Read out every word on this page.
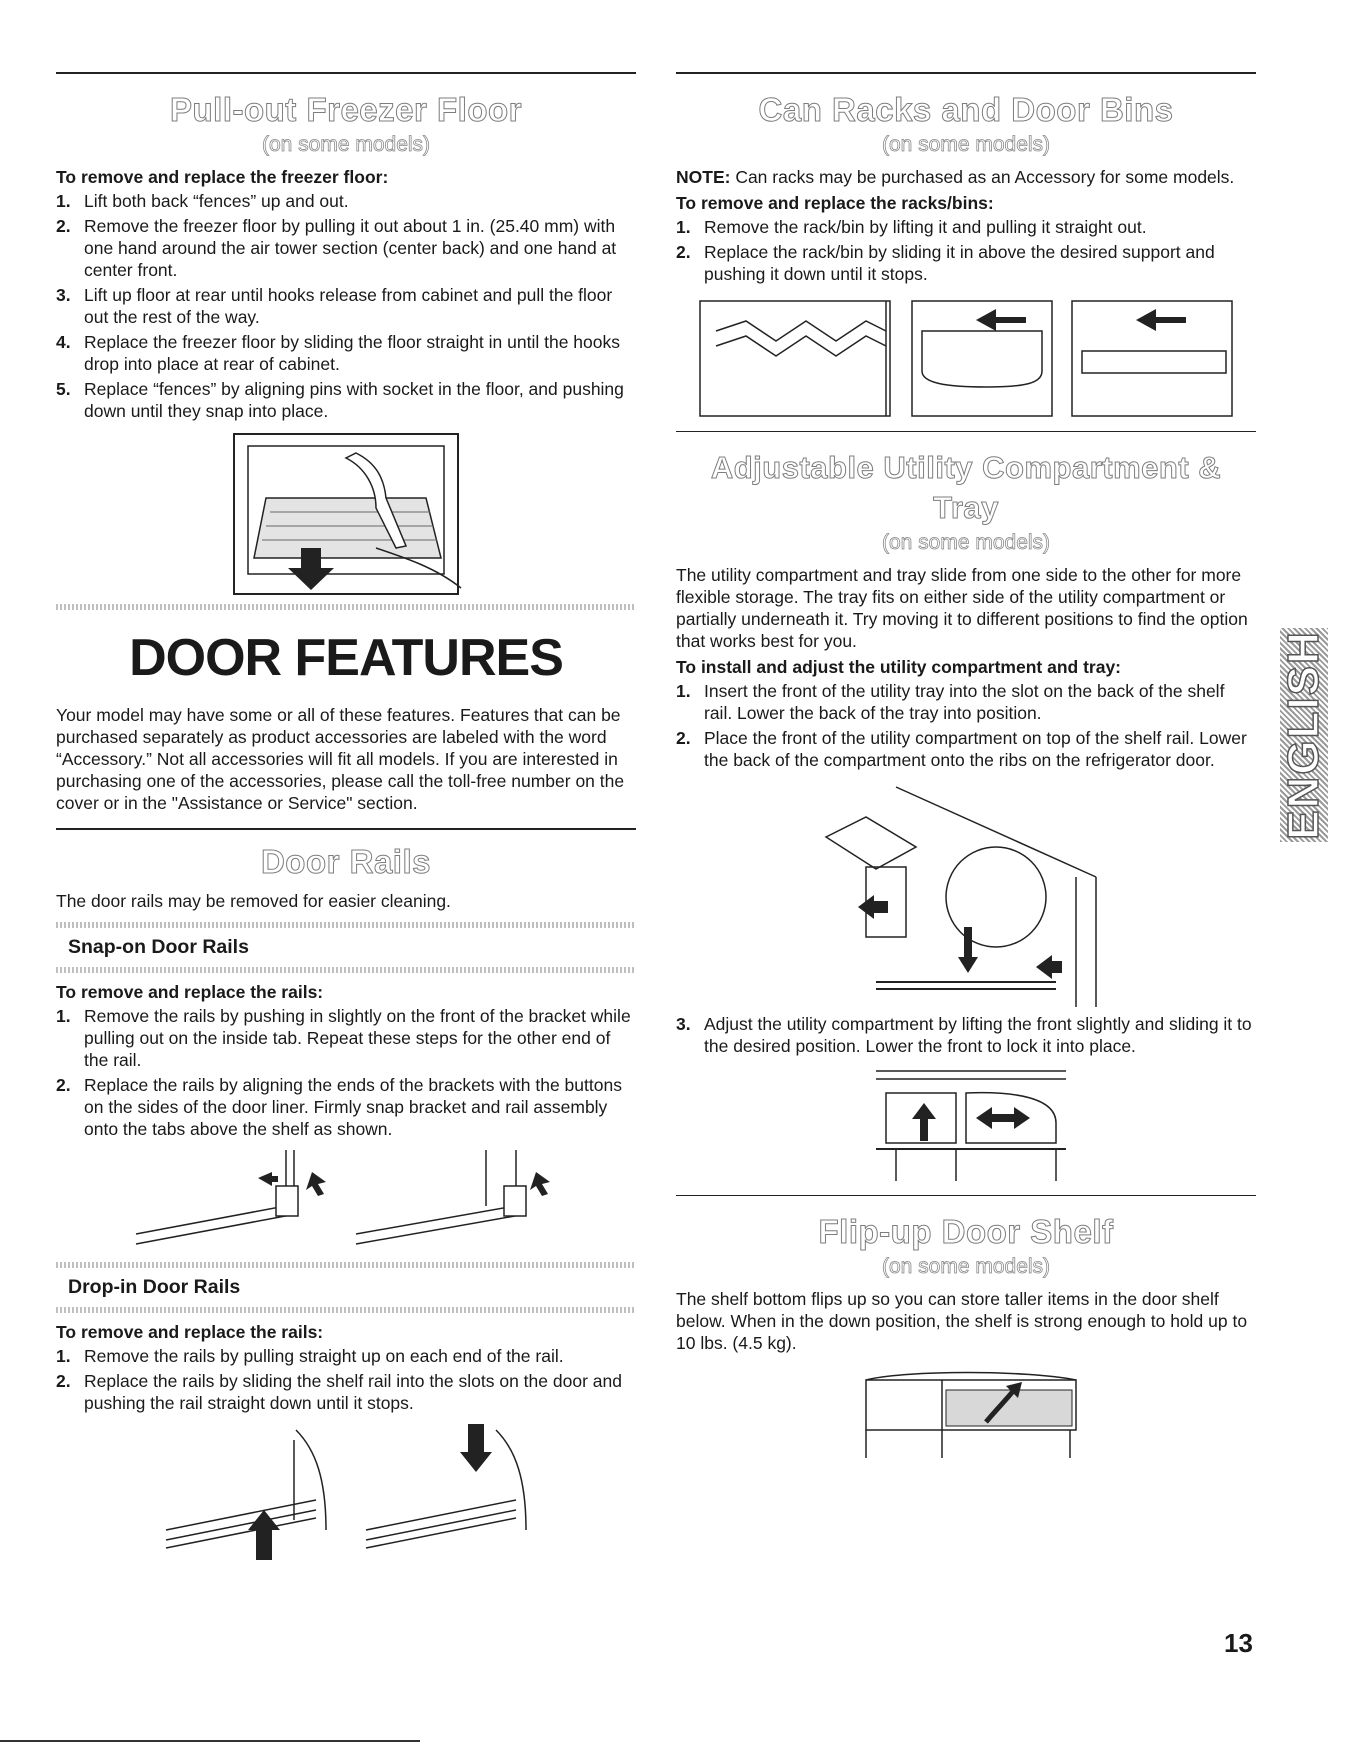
Pull-out Freezer Floor
(on some models)

To remove and replace the freezer floor:

1. Lift both back “fences” up and out.
2. Remove the freezer floor by pulling it out about 1 in. (25.40 mm) with one hand around the air tower section (center back) and one hand at center front.
3. Lift up floor at rear until hooks release from cabinet and pull the floor out the rest of the way.
4. Replace the freezer floor by sliding the floor straight in until the hooks drop into place at rear of cabinet.
5. Replace “fences” by aligning pins with socket in the floor, and pushing down until they snap into place.
DOOR FEATURES

Your model may have some or all of these features. Features that can be purchased separately as product accessories are labeled with the word “Accessory.” Not all accessories will fit all models. If you are interested in purchasing one of the accessories, please call the toll-free number on the cover or in the "Assistance or Service" section.

Door Rails

The door rails may be removed for easier cleaning.

Snap-on Door Rails

To remove and replace the rails:

1. Remove the rails by pushing in slightly on the front of the bracket while pulling out on the inside tab. Repeat these steps for the other end of the rail.
2. Replace the rails by aligning the ends of the brackets with the buttons on the sides of the door liner. Firmly snap bracket and rail assembly onto the tabs above the shelf as shown.
Drop-in Door Rails

To remove and replace the rails:

1. Remove the rails by pulling straight up on each end of the rail.
2. Replace the rails by sliding the shelf rail into the slots on the door and pushing the rail straight down until it stops.
Can Racks and Door Bins
(on some models)

NOTE: Can racks may be purchased as an Accessory for some models.

To remove and replace the racks/bins:

1. Remove the rack/bin by lifting it and pulling it straight out.
2. Replace the rack/bin by sliding it in above the desired support and pushing it down until it stops.
Adjustable Utility Compartment & Tray
(on some models)

The utility compartment and tray slide from one side to the other for more flexible storage. The tray fits on either side of the utility compartment or partially underneath it. Try moving it to different positions to find the option that works best for you.

To install and adjust the utility compartment and tray:

1. Insert the front of the utility tray into the slot on the back of the shelf rail. Lower the back of the tray into position.
2. Place the front of the utility compartment on top of the shelf rail. Lower the back of the compartment onto the ribs on the refrigerator door.
3. Adjust the utility compartment by lifting the front slightly and sliding it to the desired position. Lower the front to lock it into place.
Flip-up Door Shelf
(on some models)

The shelf bottom flips up so you can store taller items in the door shelf below. When in the down position, the shelf is strong enough to hold up to 10 lbs. (4.5 kg).

ENGLISH
13
